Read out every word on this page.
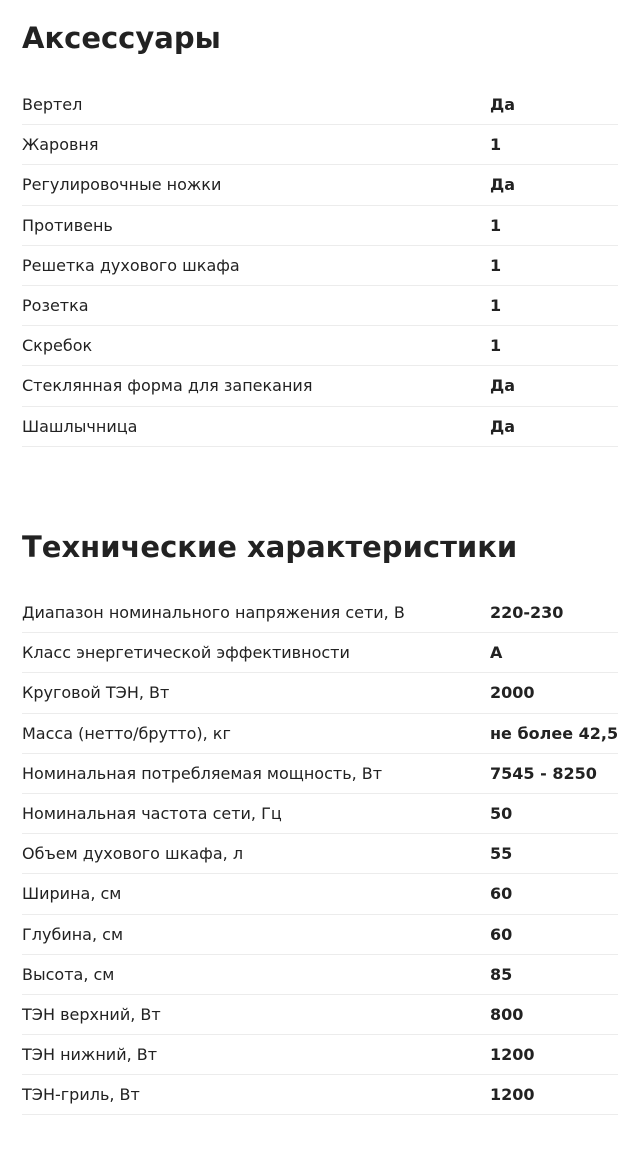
Аксессуары
Вертел	Да
Жаровня	1
Регулировочные ножки	Да
Противень	1
Решетка духового шкафа	1
Розетка	1
Скребок	1
Стеклянная форма для запекания	Да
Шашлычница	Да
Технические характеристики
Диапазон номинального напряжения сети, В	220-230
Класс энергетической эффективности	A
Круговой ТЭН, Вт	2000
Масса (нетто/брутто), кг	не более 42,5
Номинальная потребляемая мощность, Вт	7545 - 8250
Номинальная частота сети, Гц	50
Объем духового шкафа, л	55
Ширина, см	60
Глубина, см	60
Высота, см	85
ТЭН верхний, Вт	800
ТЭН нижний, Вт	1200
ТЭН-гриль, Вт	1200
